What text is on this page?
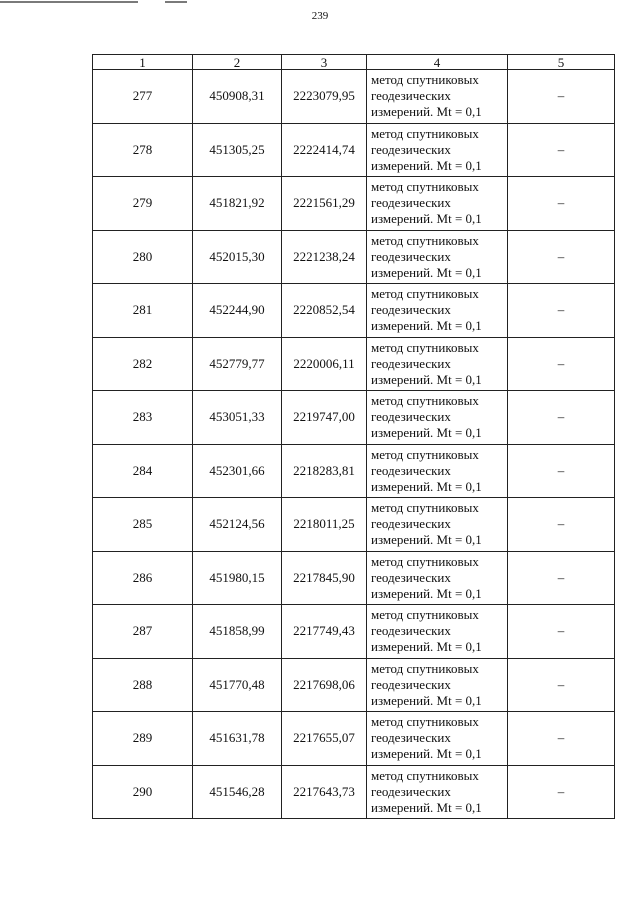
239
1	2	3	4	5
277	450908,31	2223079,95	метод спутниковых
геодезических
измерений. Mt = 0,1	–
278	451305,25	2222414,74	метод спутниковых
геодезических
измерений. Mt = 0,1	–
279	451821,92	2221561,29	метод спутниковых
геодезических
измерений. Mt = 0,1	–
280	452015,30	2221238,24	метод спутниковых
геодезических
измерений. Mt = 0,1	–
281	452244,90	2220852,54	метод спутниковых
геодезических
измерений. Mt = 0,1	–
282	452779,77	2220006,11	метод спутниковых
геодезических
измерений. Mt = 0,1	–
283	453051,33	2219747,00	метод спутниковых
геодезических
измерений. Mt = 0,1	–
284	452301,66	2218283,81	метод спутниковых
геодезических
измерений. Mt = 0,1	–
285	452124,56	2218011,25	метод спутниковых
геодезических
измерений. Mt = 0,1	–
286	451980,15	2217845,90	метод спутниковых
геодезических
измерений. Mt = 0,1	–
287	451858,99	2217749,43	метод спутниковых
геодезических
измерений. Mt = 0,1	–
288	451770,48	2217698,06	метод спутниковых
геодезических
измерений. Mt = 0,1	–
289	451631,78	2217655,07	метод спутниковых
геодезических
измерений. Mt = 0,1	–
290	451546,28	2217643,73	метод спутниковых
геодезических
измерений. Mt = 0,1	–
